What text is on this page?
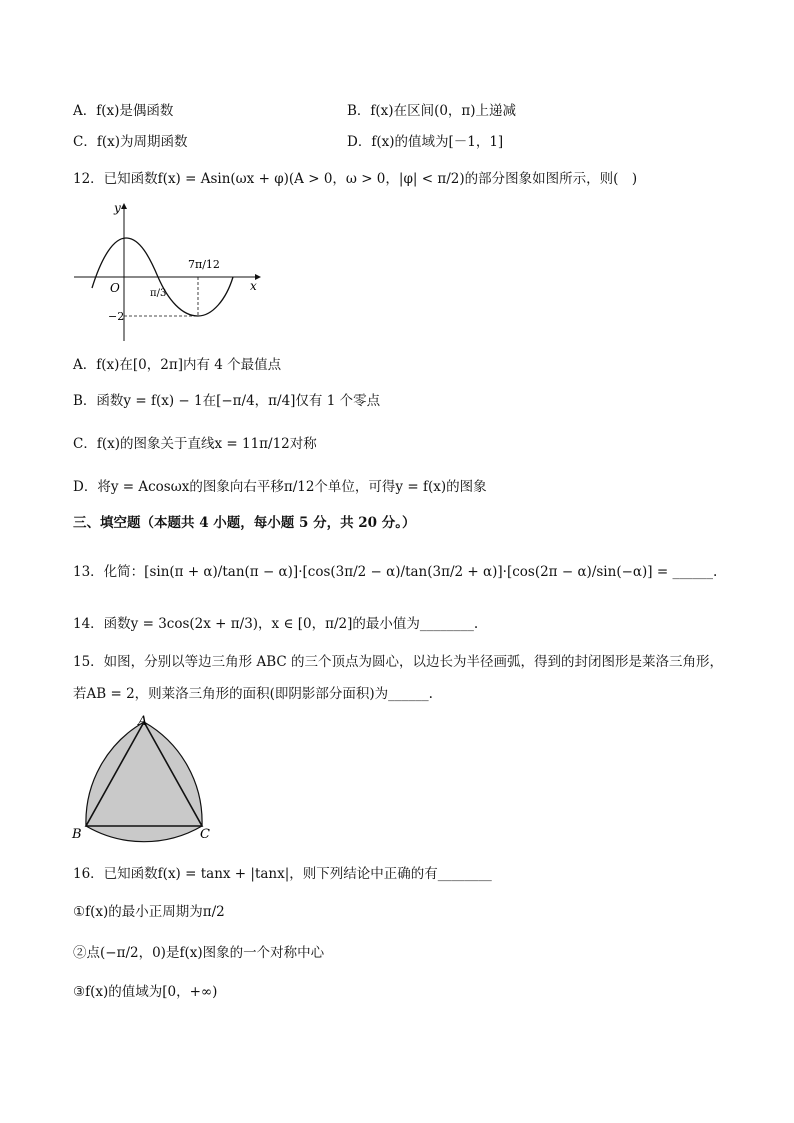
A．f(x)是偶函数	B．f(x)在区间(0，π)上递减
C．f(x)为周期函数	D．f(x)的值域为[－1，1]
12．已知函数f(x) = Asin(ωx + φ)(A > 0，ω > 0，|φ| < π/2)的部分图象如图所示，则(　)
y
x
O	π/3
7π/12
−2
A．f(x)在[0，2π]内有 4 个最值点
B．函数y = f(x) − 1在[−π/4，π/4]仅有 1 个零点
C．f(x)的图象关于直线x = 11π/12对称
D．将y = Acosωx的图象向右平移π/12个单位，可得y = f(x)的图象
三、填空题（本题共 4 小题，每小题 5 分，共 20 分。）
13．化简：[sin(π + α)/tan(π − α)]·[cos(3π/2 − α)/tan(3π/2 + α)]·[cos(2π − α)/sin(−α)] = ______.
14．函数y = 3cos(2x + π/3)，x ∈ [0，π/2]的最小值为________.
15．如图，分别以等边三角形 ABC 的三个顶点为圆心，以边长为半径画弧，得到的封闭图形是莱洛三角形，
若AB = 2，则莱洛三角形的面积(即阴影部分面积)为______.
A
B	C
16．已知函数f(x) = tanx + |tanx|，则下列结论中正确的有________
①f(x)的最小正周期为π/2
②点(−π/2，0)是f(x)图象的一个对称中心
③f(x)的值域为[0，+∞)
